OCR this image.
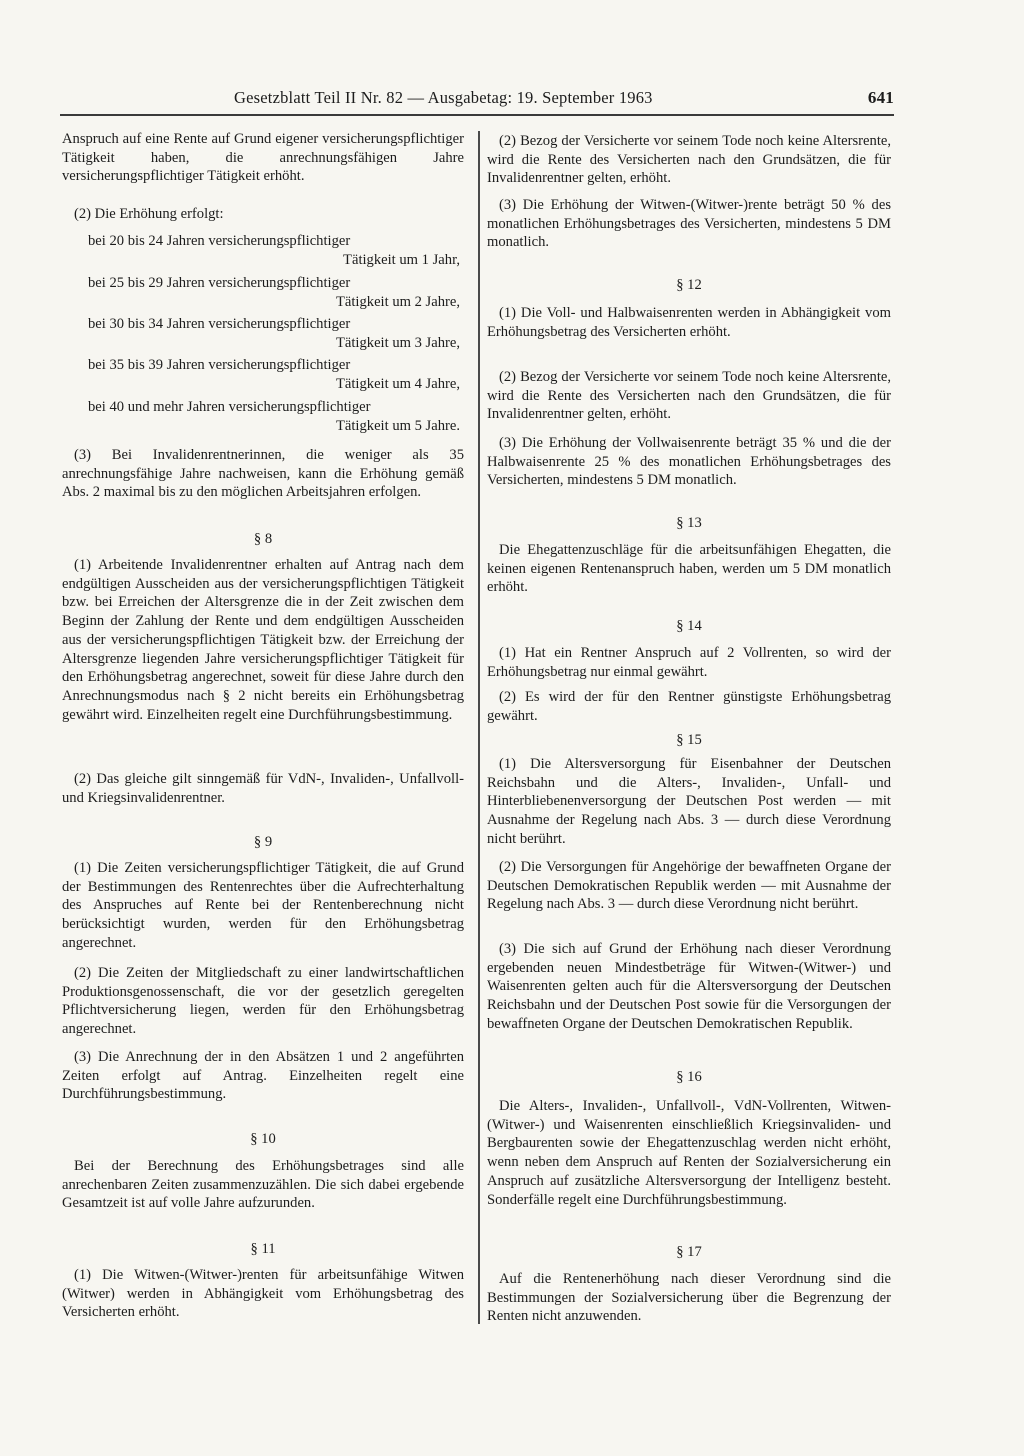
Gesetzblatt Teil II Nr. 82 — Ausgabetag: 19. September 1963	641

Anspruch auf eine Rente auf Grund eigener versicherungspflichtiger Tätigkeit haben, die anrechnungsfähigen Jahre versicherungspflichtiger Tätigkeit erhöht.

(2) Die Erhöhung erfolgt:

bei 20 bis 24 Jahren versicherungspflichtiger
Tätigkeit um 1 Jahr,
bei 25 bis 29 Jahren versicherungspflichtiger
Tätigkeit um 2 Jahre,
bei 30 bis 34 Jahren versicherungspflichtiger
Tätigkeit um 3 Jahre,
bei 35 bis 39 Jahren versicherungspflichtiger
Tätigkeit um 4 Jahre,
bei 40 und mehr Jahren versicherungspflichtiger
Tätigkeit um 5 Jahre.

(3) Bei Invalidenrentnerinnen, die weniger als 35 anrechnungsfähige Jahre nachweisen, kann die Erhöhung gemäß Abs. 2 maximal bis zu den möglichen Arbeitsjahren erfolgen.

§ 8

(1) Arbeitende Invalidenrentner erhalten auf Antrag nach dem endgültigen Ausscheiden aus der versicherungspflichtigen Tätigkeit bzw. bei Erreichen der Altersgrenze die in der Zeit zwischen dem Beginn der Zahlung der Rente und dem endgültigen Ausscheiden aus der versicherungspflichtigen Tätigkeit bzw. der Erreichung der Altersgrenze liegenden Jahre versicherungspflichtiger Tätigkeit für den Erhöhungsbetrag angerechnet, soweit für diese Jahre durch den Anrechnungsmodus nach § 2 nicht bereits ein Erhöhungsbetrag gewährt wird. Einzelheiten regelt eine Durchführungsbestimmung.

(2) Das gleiche gilt sinngemäß für VdN-, Invaliden-, Unfallvoll- und Kriegsinvalidenrentner.

§ 9

(1) Die Zeiten versicherungspflichtiger Tätigkeit, die auf Grund der Bestimmungen des Rentenrechtes über die Aufrechterhaltung des Anspruches auf Rente bei der Rentenberechnung nicht berücksichtigt wurden, werden für den Erhöhungsbetrag angerechnet.

(2) Die Zeiten der Mitgliedschaft zu einer landwirtschaftlichen Produktionsgenossenschaft, die vor der gesetzlich geregelten Pflichtversicherung liegen, werden für den Erhöhungsbetrag angerechnet.

(3) Die Anrechnung der in den Absätzen 1 und 2 angeführten Zeiten erfolgt auf Antrag. Einzelheiten regelt eine Durchführungsbestimmung.

§ 10

Bei der Berechnung des Erhöhungsbetrages sind alle anrechenbaren Zeiten zusammenzuzählen. Die sich dabei ergebende Gesamtzeit ist auf volle Jahre aufzurunden.

§ 11

(1) Die Witwen-(Witwer-)renten für arbeitsunfähige Witwen (Witwer) werden in Abhängigkeit vom Erhöhungsbetrag des Versicherten erhöht.

(2) Bezog der Versicherte vor seinem Tode noch keine Altersrente, wird die Rente des Versicherten nach den Grundsätzen, die für Invalidenrentner gelten, erhöht.

(3) Die Erhöhung der Witwen-(Witwer-)rente beträgt 50 % des monatlichen Erhöhungsbetrages des Versicherten, mindestens 5 DM monatlich.

§ 12

(1) Die Voll- und Halbwaisenrenten werden in Abhängigkeit vom Erhöhungsbetrag des Versicherten erhöht.

(2) Bezog der Versicherte vor seinem Tode noch keine Altersrente, wird die Rente des Versicherten nach den Grundsätzen, die für Invalidenrentner gelten, erhöht.

(3) Die Erhöhung der Vollwaisenrente beträgt 35 % und die der Halbwaisenrente 25 % des monatlichen Erhöhungsbetrages des Versicherten, mindestens 5 DM monatlich.

§ 13

Die Ehegattenzuschläge für die arbeitsunfähigen Ehegatten, die keinen eigenen Rentenanspruch haben, werden um 5 DM monatlich erhöht.

§ 14

(1) Hat ein Rentner Anspruch auf 2 Vollrenten, so wird der Erhöhungsbetrag nur einmal gewährt.

(2) Es wird der für den Rentner günstigste Erhöhungsbetrag gewährt.

§ 15

(1) Die Altersversorgung für Eisenbahner der Deutschen Reichsbahn und die Alters-, Invaliden-, Unfall- und Hinterbliebenenversorgung der Deutschen Post werden — mit Ausnahme der Regelung nach Abs. 3 — durch diese Verordnung nicht berührt.

(2) Die Versorgungen für Angehörige der bewaffneten Organe der Deutschen Demokratischen Republik werden — mit Ausnahme der Regelung nach Abs. 3 — durch diese Verordnung nicht berührt.

(3) Die sich auf Grund der Erhöhung nach dieser Verordnung ergebenden neuen Mindestbeträge für Witwen-(Witwer-) und Waisenrenten gelten auch für die Altersversorgung der Deutschen Reichsbahn und der Deutschen Post sowie für die Versorgungen der bewaffneten Organe der Deutschen Demokratischen Republik.

§ 16

Die Alters-, Invaliden-, Unfallvoll-, VdN-Vollrenten, Witwen-(Witwer-) und Waisenrenten einschließlich Kriegsinvaliden- und Bergbaurenten sowie der Ehegattenzuschlag werden nicht erhöht, wenn neben dem Anspruch auf Renten der Sozialversicherung ein Anspruch auf zusätzliche Altersversorgung der Intelligenz besteht. Sonderfälle regelt eine Durchführungsbestimmung.

§ 17

Auf die Rentenerhöhung nach dieser Verordnung sind die Bestimmungen der Sozialversicherung über die Begrenzung der Renten nicht anzuwenden.
